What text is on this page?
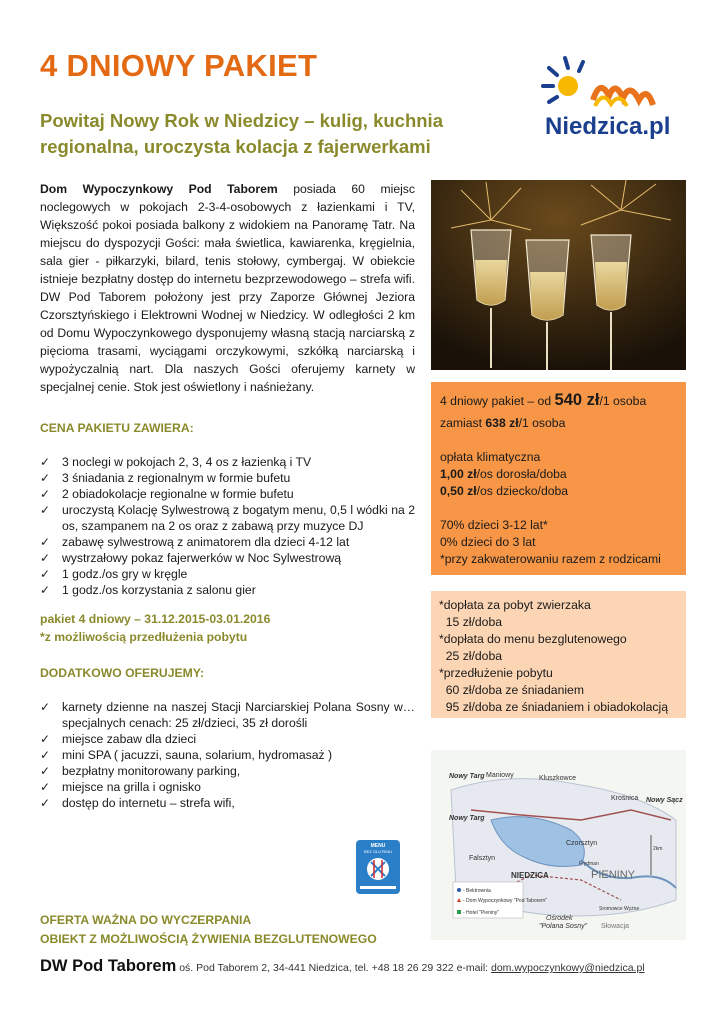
4 DNIOWY PAKIET
Powitaj Nowy Rok w Niedzicy – kulig, kuchnia regionalna, uroczysta kolacja z fajerwerkami
Niedzica.pl
Dom Wypoczynkowy Pod Taborem posiada 60 miejsc noclegowych w pokojach 2-3-4-osobowych z łazienkami i TV, Większość pokoi posiada balkony z widokiem na Panoramę Tatr. Na miejscu do dyspozycji Gości: mała świetlica, kawiarenka, kręgielnia, sala gier - piłkarzyki, bilard, tenis stołowy, cymbergaj. W obiekcie istnieje bezpłatny dostęp do internetu bezprzewodowego – strefa wifi. DW Pod Taborem położony jest przy Zaporze Głównej Jeziora Czorsztyńskiego i Elektrowni Wodnej w Niedzicy. W odległości 2 km od Domu Wypoczynkowego dysponujemy własną stacją narciarską z pięcioma trasami, wyciągami orczykowymi, szkółką narciarską i wypożyczalnią nart. Dla naszych Gości oferujemy karnety w specjalnej cenie. Stok jest oświetlony i naśnieżany.
CENA PAKIETU ZAWIERA:
✓ 3 noclegi w pokojach 2, 3, 4 os z łazienką i TV
✓ 3 śniadania z regionalnym w formie bufetu
✓ 2 obiadokolacje regionalne w formie bufetu
✓ uroczystą Kolację Sylwestrową z bogatym menu, 0,5 l wódki na 2 os, szampanem na 2 os oraz z zabawą przy muzyce DJ
✓ zabawę sylwestrową z animatorem dla dzieci 4-12 lat
✓ wystrzałowy pokaz fajerwerków w Noc Sylwestrową
✓ 1 godz./os gry w kręgle
✓ 1 godz./os korzystania z salonu gier
pakiet 4 dniowy – 31.12.2015-03.01.2016
*z możliwością przedłużenia pobytu
DODATKOWO OFERUJEMY:
✓ karnety dzienne na naszej Stacji Narciarskiej Polana Sosny w… specjalnych cenach: 25 zł/dzieci, 35 zł dorośli
✓ miejsce zabaw dla dzieci
✓ mini SPA ( jacuzzi, sauna, solarium, hydromasaż )
✓ bezpłatny monitorowany parking,
✓ miejsce na grilla i ognisko
✓ dostęp do internetu – strefa wifi,
MENU
BEZ GLUTENU
OFERTA WAŻNA DO WYCZERPANIA
OBIEKT Z MOŻLIWOŚCIĄ ŻYWIENIA BEZGLUTENOWEGO
4 dniowy pakiet – od 540 zł/1 osoba
zamiast 638 zł/1 osoba
opłata klimatyczna
1,00 zł/os dorosła/doba
0,50 zł/os dziecko/doba
70% dzieci 3-12 lat*
0% dzieci do 3 lat
*przy zakwaterowaniu razem z rodzicami
*dopłata za pobyt zwierzaka
15 zł/doba
*dopłata do menu bezglutenowego
25 zł/doba
*przedłużenie pobytu
60 zł/doba ze śniadaniem
95 zł/doba ze śniadaniem i obiadokolacją
Nowy Targ Maniowy	Kluszkowce
Krośnica Nowy Sącz
Nowy Targ
Czorsztyn
Frydman
Falsztyn
NIEDZICA	PIENINY
Sromowce Wyżne
Ośrodek
"Polana Sosny" Słowacja
2km
- Bektrownia
- Dom Wypoczynkowy "Pod Taborem"
- Hotel "Pieniny"
DW Pod Taborem oś. Pod Taborem 2, 34-441 Niedzica, tel. +48 18 26 29 322 e-mail: dom.wypoczynkowy@niedzica.pl
